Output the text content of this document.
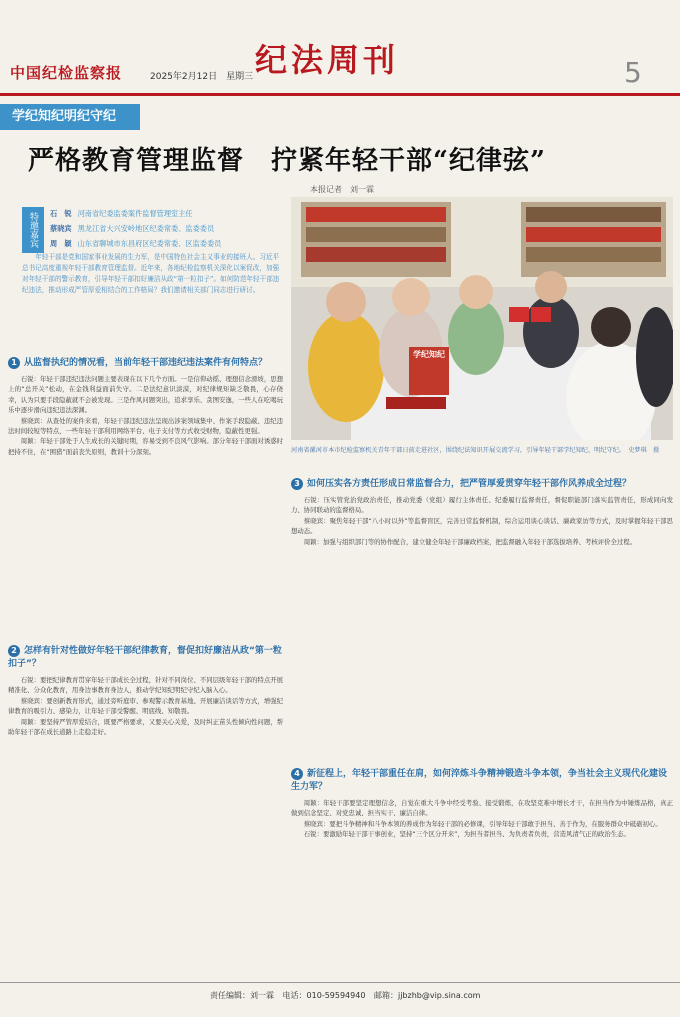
中国纪检监察报	2025年2月12日　星期三 纪法周刊	5
学纪知纪明纪守纪
严格教育管理监督　拧紧年轻干部“纪律弦”
本报记者　刘一霖
特邀嘉宾	石　锐 河南省纪委监委案件监督管理室主任
蔡晓宾 黑龙江省大兴安岭地区纪委常委、监委委员
周　颖 山东省聊城市东昌府区纪委常委、区监委委员
年轻干部是党和国家事业发展的生力军，是中国特色社会主义事业的接班人。习近平总书记高度重视年轻干部教育管理监督。近年来，各地纪检监察机关深化以案促改，加强对年轻干部的警示教育，引导年轻干部扣好廉洁从政“第一粒扣子”。如何防范年轻干部违纪违法，推动形成严管厚爱相结合的工作格局？我们邀请相关部门同志进行研讨。
学纪知纪
河南省漯河市本市纪检监察机关青年干部日前走进社区，围绕纪法知识开展交流学习，引导年轻干部学纪知纪、明纪守纪。　史梦琪　摄
1 从监督执纪的情况看，当前年轻干部违纪违法案件有何特点？

石锐：年轻干部违纪违法问题主要表现在以下几个方面。一是信仰动摇、理想信念滑坡，思想上的“总开关”松动，在金钱利益面前失守。二是法纪意识淡漠，对纪律规矩缺乏敬畏，心存侥幸，认为只要手段隐蔽就不会被发现。三是作风问题突出，追求享乐、贪图安逸，一些人在吃喝玩乐中逐步滑向违纪违法深渊。

蔡晓宾：从查处的案件来看，年轻干部违纪违法呈现出涉案领域集中、作案手段隐蔽、违纪违法时间较短等特点，一些年轻干部利用网络平台、电子支付等方式收受财物，隐蔽性更强。

周颖：年轻干部处于人生成长的关键时期，容易受到不良风气影响。部分年轻干部面对诱惑时把持不住，在“围猎”面前丧失原则，教训十分深刻。

2 怎样有针对性做好年轻干部纪律教育，督促扣好廉洁从政“第一粒扣子”？

石锐：要把纪律教育贯穿年轻干部成长全过程，针对不同岗位、不同层级年轻干部的特点开展精准化、分众化教育，用身边事教育身边人，推动学纪知纪明纪守纪入脑入心。

蔡晓宾：要创新教育形式，通过旁听庭审、参观警示教育基地、开展廉洁谈话等方式，增强纪律教育的吸引力、感染力，让年轻干部受警醒、明底线、知敬畏。

周颖：要坚持严管厚爱结合，既要严格要求，又要关心关爱，及时纠正苗头性倾向性问题，帮助年轻干部在成长道路上走稳走好。

3 如何压实各方责任形成日常监督合力，把严管厚爱贯穿年轻干部作风养成全过程？

石锐：压实管党治党政治责任，推动党委（党组）履行主体责任、纪委履行监督责任，督促职能部门落实监管责任，形成同向发力、协同联动的监督格局。

蔡晓宾：聚焦年轻干部“八小时以外”等监督盲区，完善日常监督机制，综合运用谈心谈话、廉政家访等方式，及时掌握年轻干部思想动态。

周颖：加强与组织部门等的协作配合，建立健全年轻干部廉政档案，把监督融入年轻干部选拔培养、考核评价全过程。

4 新征程上，年轻干部重任在肩，如何淬炼斗争精神锻造斗争本领，争当社会主义现代化建设生力军？

周颖：年轻干部要坚定理想信念，自觉在重大斗争中经受考验、接受锻炼，在攻坚克难中增长才干，在担当作为中锤炼品格，真正做到信念坚定、对党忠诚、担当实干、廉洁自律。

蔡晓宾：要把斗争精神和斗争本领的养成作为年轻干部的必修课，引导年轻干部敢于担当、善于作为，在服务群众中砥砺初心。

石锐：要激励年轻干部干事创业，坚持“三个区分开来”，为担当者担当、为负责者负责，营造风清气正的政治生态。

责任编辑：刘一霖 电话：010-59594940 邮箱：jjbzhb@vip.sina.com
